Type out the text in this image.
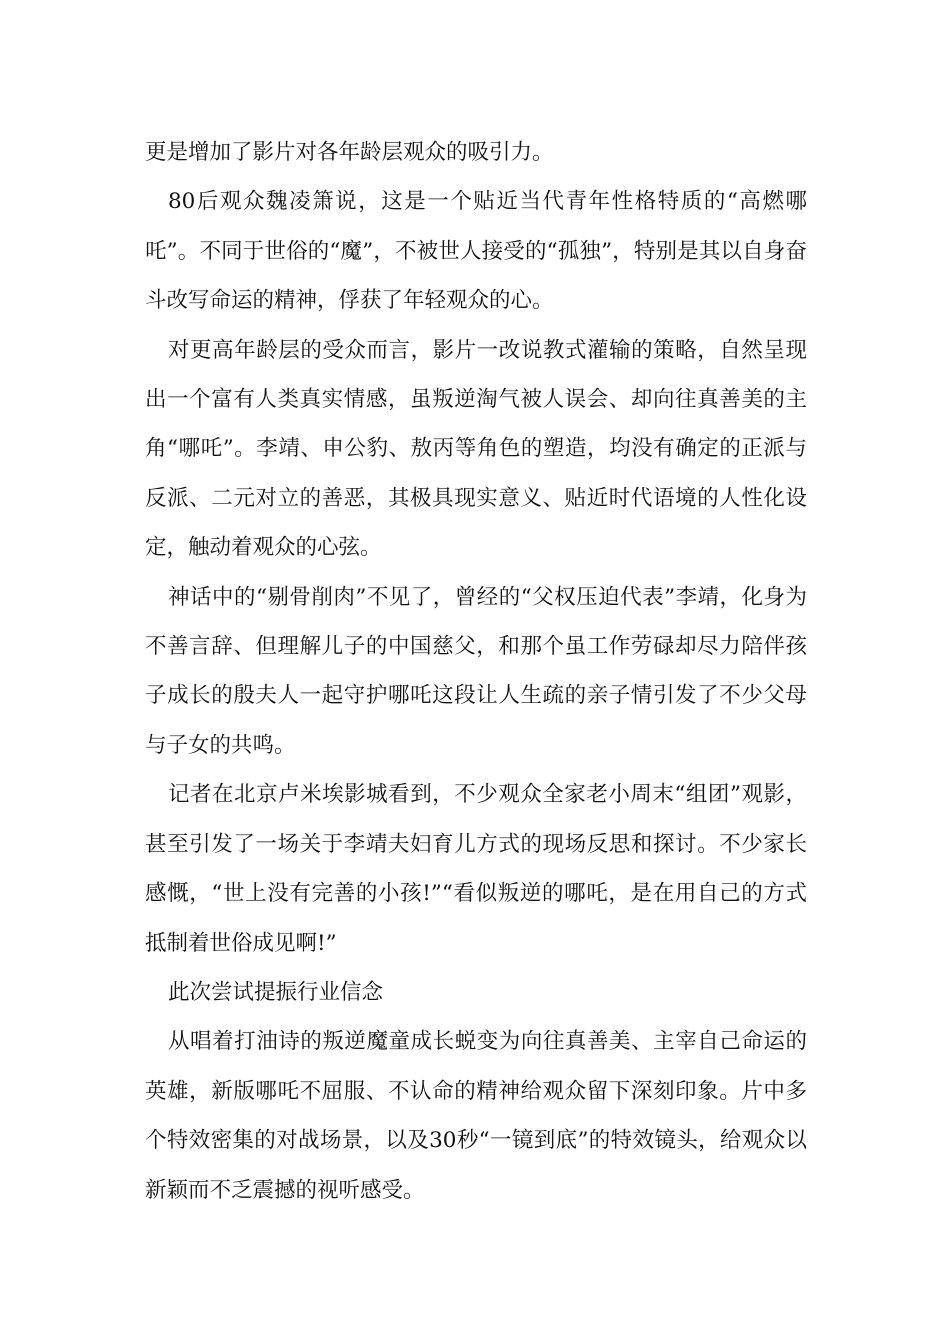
更是增加了影片对各年龄层观众的吸引力。

80后观众魏凌箫说，这是一个贴近当代青年性格特质的“高燃哪吒”。不同于世俗的“魔”，不被世人接受的“孤独”，特别是其以自身奋斗改写命运的精神，俘获了年轻观众的心。

对更高年龄层的受众而言，影片一改说教式灌输的策略，自然呈现出一个富有人类真实情感，虽叛逆淘气被人误会、却向往真善美的主角“哪吒”。李靖、申公豹、敖丙等角色的塑造，均没有确定的正派与反派、二元对立的善恶，其极具现实意义、贴近时代语境的人性化设定，触动着观众的心弦。

神话中的“剔骨削肉”不见了，曾经的“父权压迫代表”李靖，化身为不善言辞、但理解儿子的中国慈父，和那个虽工作劳碌却尽力陪伴孩子成长的殷夫人一起守护哪吒这段让人生疏的亲子情引发了不少父母与子女的共鸣。

记者在北京卢米埃影城看到，不少观众全家老小周末“组团”观影，甚至引发了一场关于李靖夫妇育儿方式的现场反思和探讨。不少家长感慨，“世上没有完善的小孩!”“看似叛逆的哪吒，是在用自己的方式抵制着世俗成见啊!”

此次尝试提振行业信念

从唱着打油诗的叛逆魔童成长蜕变为向往真善美、主宰自己命运的英雄，新版哪吒不屈服、不认命的精神给观众留下深刻印象。片中多个特效密集的对战场景，以及30秒“一镜到底”的特效镜头，给观众以新颖而不乏震撼的视听感受。
